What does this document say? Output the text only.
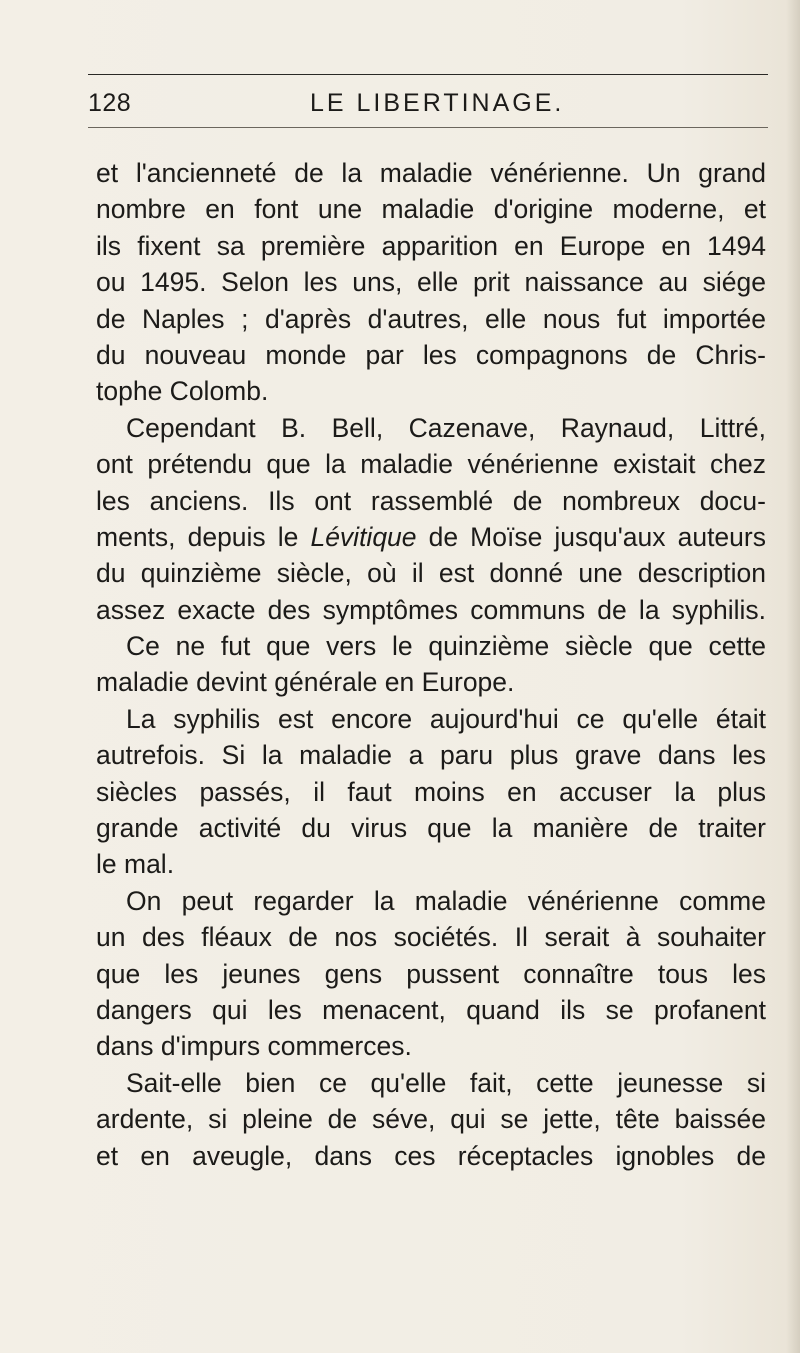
128	LE LIBERTINAGE.
et l'ancienneté de la maladie vénérienne. Un grand
nombre en font une maladie d'origine moderne, et
ils fixent sa première apparition en Europe en 1494
ou 1495. Selon les uns, elle prit naissance au siége
de Naples ; d'après d'autres, elle nous fut importée
du nouveau monde par les compagnons de Chris-
tophe Colomb.
Cependant B. Bell, Cazenave, Raynaud, Littré,
ont prétendu que la maladie vénérienne existait chez
les anciens. Ils ont rassemblé de nombreux docu-
ments, depuis le Lévitique de Moïse jusqu'aux auteurs
du quinzième siècle, où il est donné une description
assez exacte des symptômes communs de la syphilis.
Ce ne fut que vers le quinzième siècle que cette
maladie devint générale en Europe.
La syphilis est encore aujourd'hui ce qu'elle était
autrefois. Si la maladie a paru plus grave dans les
siècles passés, il faut moins en accuser la plus
grande activité du virus que la manière de traiter
le mal.
On peut regarder la maladie vénérienne comme
un des fléaux de nos sociétés. Il serait à souhaiter
que les jeunes gens pussent connaître tous les
dangers qui les menacent, quand ils se profanent
dans d'impurs commerces.
Sait-elle bien ce qu'elle fait, cette jeunesse si
ardente, si pleine de séve, qui se jette, tête baissée
et en aveugle, dans ces réceptacles ignobles de
